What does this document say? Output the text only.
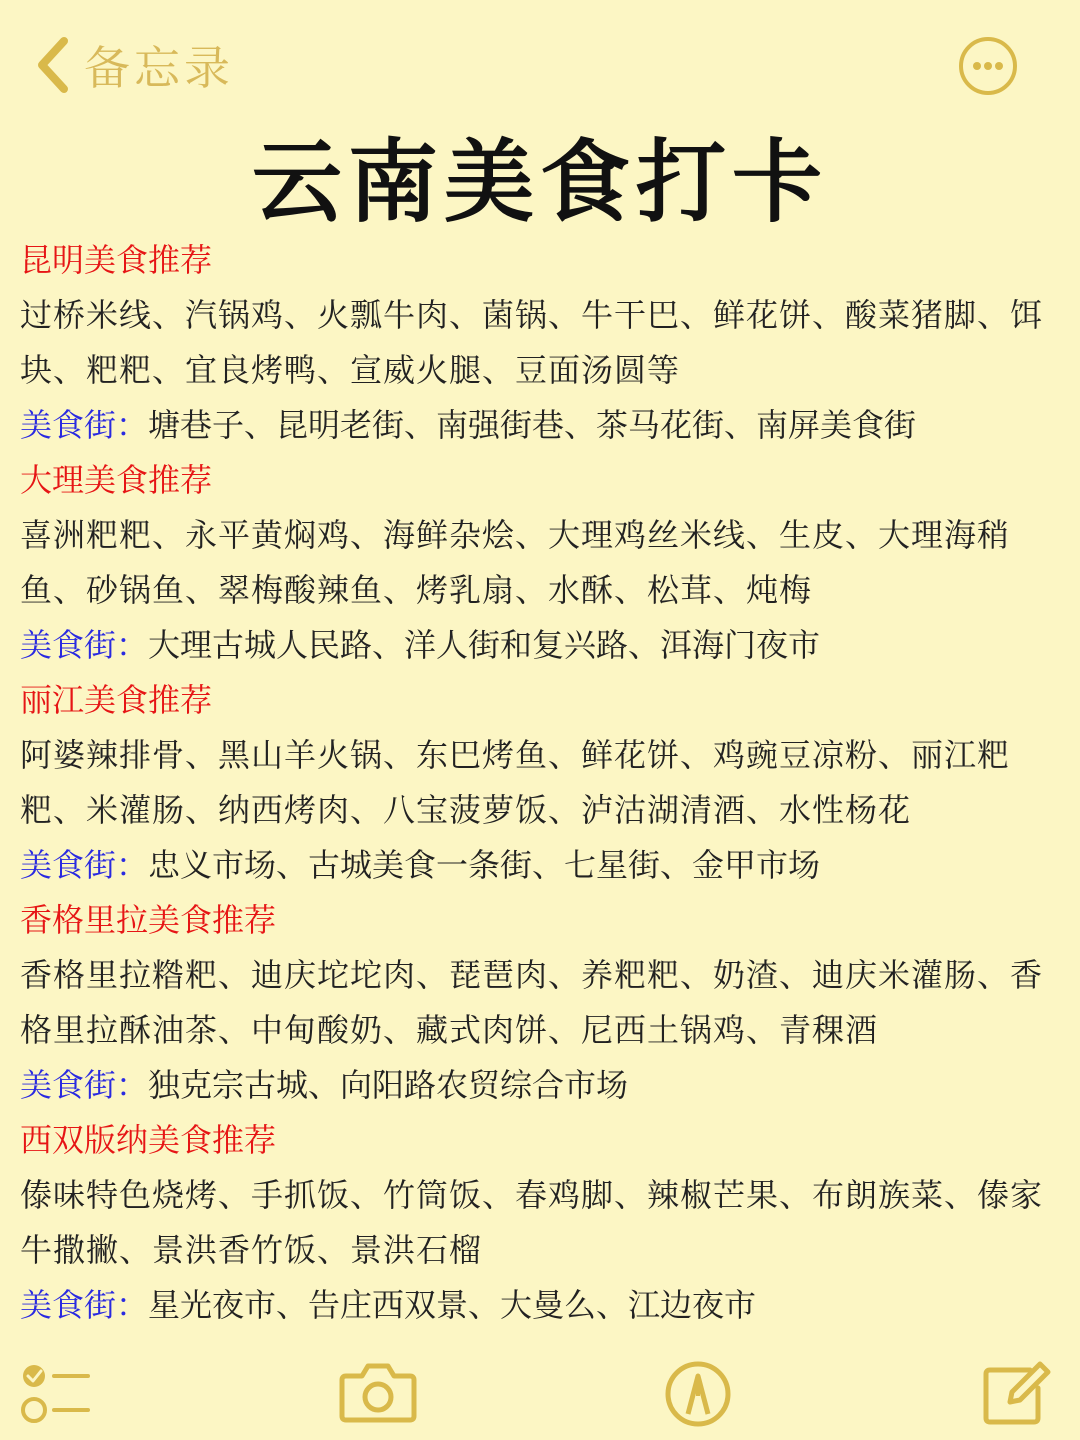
备忘录
云南美食打卡
昆明美食推荐
过桥米线、汽锅鸡、火瓢牛肉、菌锅、牛干巴、鲜花饼、酸菜猪脚、饵块、粑粑、宜良烤鸭、宣威火腿、豆面汤圆等
美食街：塘巷子、昆明老街、南强街巷、茶马花街、南屏美食街
大理美食推荐
喜洲粑粑、永平黄焖鸡、海鲜杂烩、大理鸡丝米线、生皮、大理海稍鱼、砂锅鱼、翠梅酸辣鱼、烤乳扇、水酥、松茸、炖梅
美食街：大理古城人民路、洋人街和复兴路、洱海门夜市
丽江美食推荐
阿婆辣排骨、黑山羊火锅、东巴烤鱼、鲜花饼、鸡豌豆凉粉、丽江粑粑、米灌肠、纳西烤肉、八宝菠萝饭、泸沽湖清酒、水性杨花
美食街：忠义市场、古城美食一条街、七星街、金甲市场
香格里拉美食推荐
香格里拉糌粑、迪庆坨坨肉、琵琶肉、养粑粑、奶渣、迪庆米灌肠、香格里拉酥油茶、中甸酸奶、藏式肉饼、尼西土锅鸡、青稞酒
美食街：独克宗古城、向阳路农贸综合市场
西双版纳美食推荐
傣味特色烧烤、手抓饭、竹筒饭、春鸡脚、辣椒芒果、布朗族菜、傣家牛撒撇、景洪香竹饭、景洪石榴
美食街：星光夜市、告庄西双景、大曼么、江边夜市
